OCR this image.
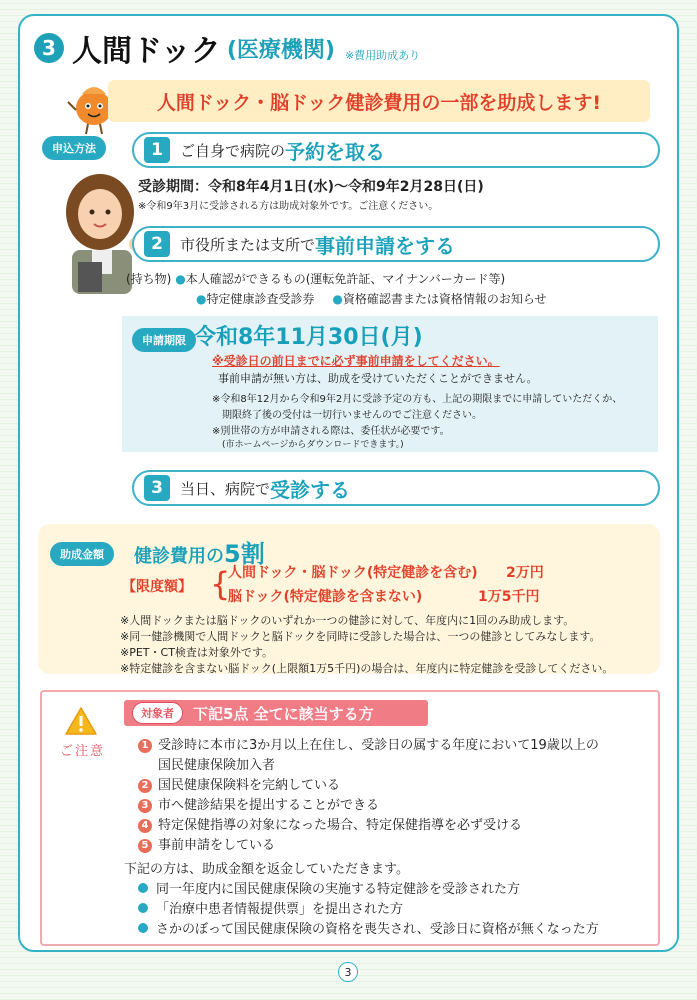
3 人間ドック (医療機関) ※費用助成あり
人間ドック・脳ドック健診費用の一部を助成します!
申込方法	1	ご自身で病院の 予約を取る
受診期間：令和8年4月1日(水)～令和9年2月28日(日)
※令和9年3月に受診される方は助成対象外です。ご注意ください。
2	市役所または支所で 事前申請をする
(持ち物) ●本人確認ができるもの(運転免許証、マイナンバーカード等)
●特定健康診査受診券 ●資格確認書または資格情報のお知らせ
申請期限 令和8年11月30日(月)
※受診日の前日までに必ず事前申請をしてください。
事前申請が無い方は、助成を受けていただくことができません。
※令和8年12月から令和9年2月に受診予定の方も、上記の期限までに申請していただくか、
期限終了後の受付は一切行いませんのでご注意ください。
※別世帯の方が申請される際は、委任状が必要です。
(市ホームページからダウンロードできます。)
3	当日、病院で 受診する
助成金額	健診費用の5割
【限度額】 {
人間ドック・脳ドック(特定健診を含む) 2万円
脳ドック(特定健診を含まない)	1万5千円
※人間ドックまたは脳ドックのいずれか一つの健診に対して、年度内に1回のみ助成します。
※同一健診機関で人間ドックと脳ドックを同時に受診した場合は、一つの健診としてみなします。
※PET・CT検査は対象外です。
※特定健診を含まない脳ドック(上限額1万5千円)の場合は、年度内に特定健診を受診してください。
ご注意
対象者	下記5点 全てに該当する方
1 受診時に本市に3か月以上在住し、受診日の属する年度において19歳以上の
国民健康保険加入者
2 国民健康保険料を完納している
3 市へ健診結果を提出することができる
4 特定保健指導の対象になった場合、特定保健指導を必ず受ける
5 事前申請をしている
下記の方は、助成金額を返金していただきます。
同一年度内に国民健康保険の実施する特定健診を受診された方
「治療中患者情報提供票」を提出された方
さかのぼって国民健康保険の資格を喪失され、受診日に資格が無くなった方
3
